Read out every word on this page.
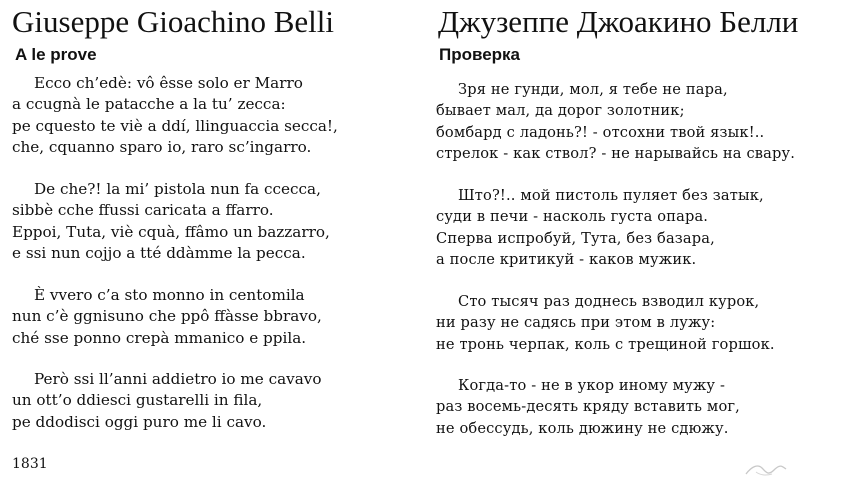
Giuseppe Gioachino Belli
A le prove
Ecco ch’edè: vô êsse solo er Marro
a ccugnà le patacche a la tu’ zecca:
pe cquesto te viè a ddí, llinguaccia secca!,
che, cquanno sparo io, raro sc’ingarro.
De che?! la mi’ pistola nun fa ccecca,
sibbè cche ffussi caricata a ffarro.
Eppoi, Tuta, viè cquà, ffâmo un bazzarro,
e ssi nun cojjo a tté ddàmme la pecca.
È vvero c’a sto monno in centomila
nun c’è ggnisuno che ppô ffàsse bbravo,
ché sse ponno crepà mmanico e ppila.
Però ssi ll’anni addietro io me cavavo
un ott’o ddiesci gustarelli in fila,
pe ddodisci oggi puro me li cavo.
1831
Джузеппе Джоакино Белли
Проверка
Зря не гунди, мол, я тебе не пара,
бывает мал, да дорог золотник;
бомбард с ладонь?! - отсохни твой язык!..
стрелок - как ствол? - не нарывайсь на свару.
Што?!.. мой пистоль пуляет без затык,
суди в печи - насколь густа опара.
Сперва испробуй, Тута, без базара,
а после критикуй - каков мужик.
Сто тысяч раз доднесь взводил курок,
ни разу не садясь при этом в лужу:
не тронь черпак, коль с трещиной горшок.
Когда-то - не в укор иному мужу -
раз восемь-десять кряду вставить мог,
не обессудь, коль дюжину не сдюжу.
